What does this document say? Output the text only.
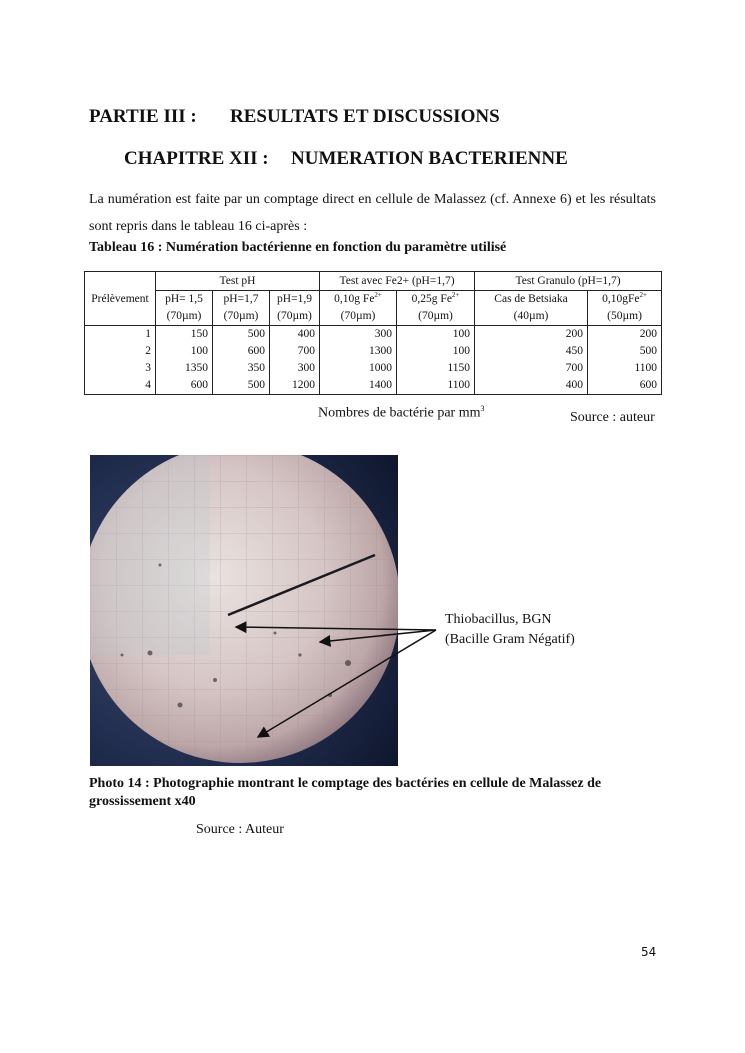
PARTIE III : RESULTATS ET DISCUSSIONS
CHAPITRE XII : NUMERATION BACTERIENNE
La numération est faite par un comptage direct en cellule de Malassez (cf. Annexe 6) et les résultats sont repris dans le tableau 16 ci-après :
Tableau 16 : Numération bactérienne en fonction du paramètre utilisé
	Test pH			Test avec Fe2+ (pH=1,7)		Test Granulo (pH=1,7)	
Prélèvement	pH= 1,5	pH=1,7	pH=1,9	0,10g $Fe^{2+}$	0,25g $Fe^{2+}$	Cas de Betsiaka	0,10gFe$^{2+}$
	(70µm)	(70µm)	(70µm)	(70µm)	(70µm)	(40µm)	(50µm)
1	150	500	400	300	100	200	200
2	100	600	700	1300	100	450	500
3	1350	350	300	1000	1150	700	1100
4	600	500	1200	1400	1100	400	600
Nombres de bactérie par $mm^3$
Source : auteur
Thiobacillus, BGN
(Bacille Gram Négatif)
Photo 14 : Photographie montrant le comptage des bactéries en cellule de Malassez de grossissement x40
Source : Auteur
54
